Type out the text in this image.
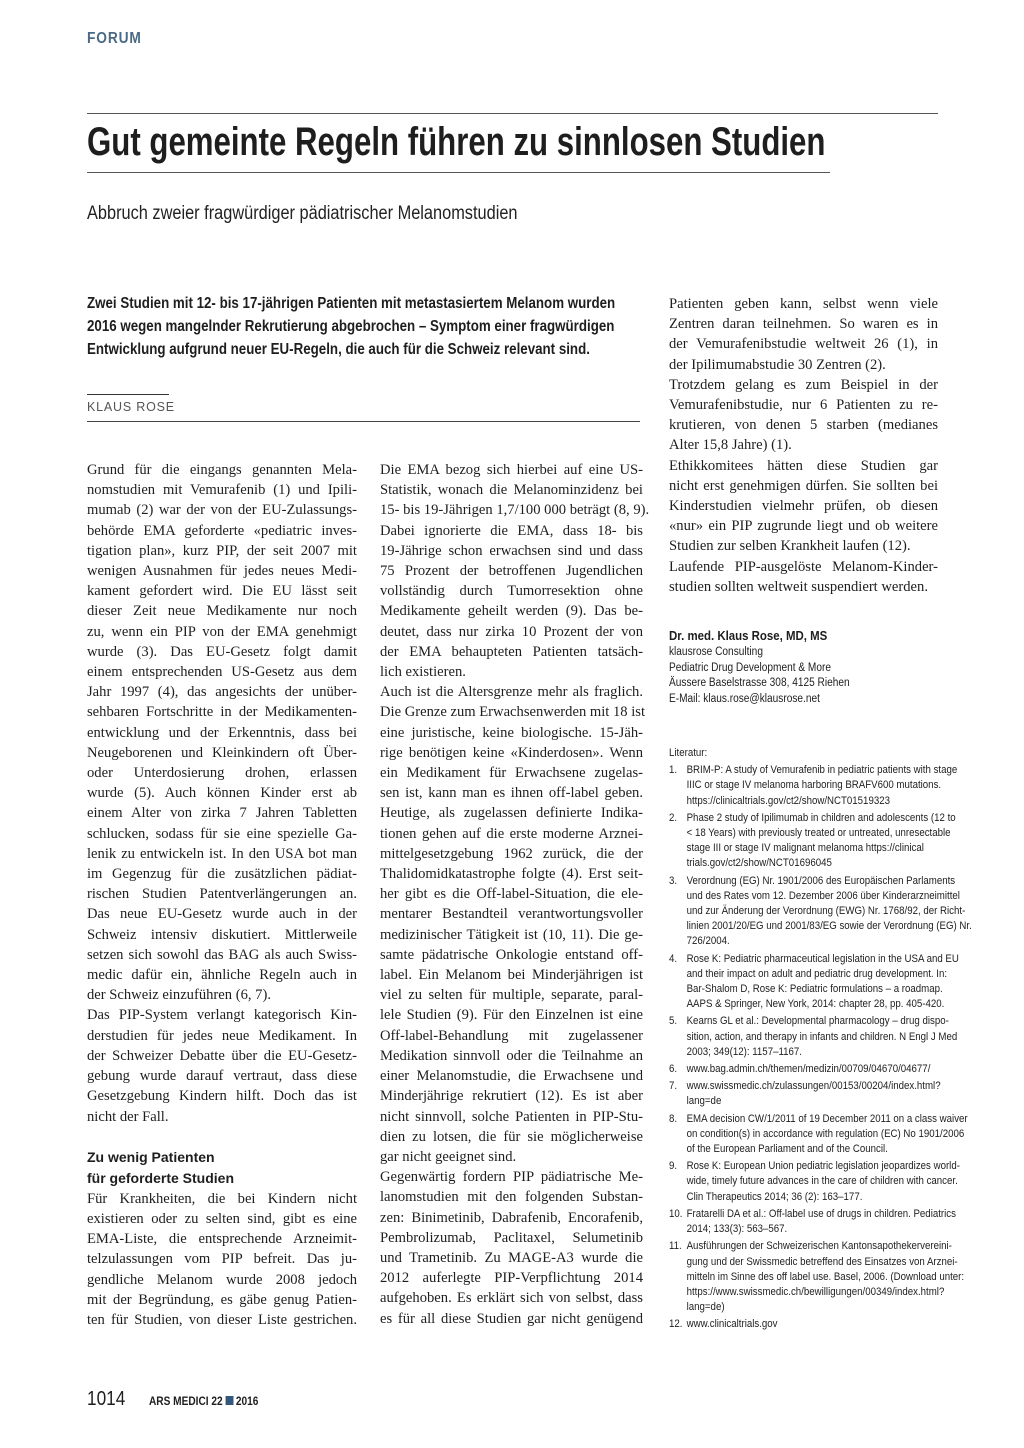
FORUM
Gut gemeinte Regeln führen zu sinnlosen Studien
Abbruch zweier fragwürdiger pädiatrischer Melanomstudien
Zwei Studien mit 12- bis 17-jährigen Patienten mit metastasiertem Melanom wurden
2016 wegen mangelnder Rekrutierung abgebrochen – Symptom einer fragwürdigen
Entwicklung aufgrund neuer EU-Regeln, die auch für die Schweiz relevant sind.
KLAUS ROSE
Grund für die eingangs genannten Mela-
nomstudien mit Vemurafenib (1) und Ipili-
mumab (2) war der von der EU-Zulassungs-
behörde EMA geforderte «pediatric inves-
tigation plan», kurz PIP, der seit 2007 mit
wenigen Ausnahmen für jedes neues Medi-
kament gefordert wird. Die EU lässt seit
dieser Zeit neue Medikamente nur noch
zu, wenn ein PIP von der EMA genehmigt
wurde (3). Das EU-Gesetz folgt damit
einem entsprechenden US-Gesetz aus dem
Jahr 1997 (4), das angesichts der unüber-
sehbaren Fortschritte in der Medikamenten-
entwicklung und der Erkenntnis, dass bei
Neugeborenen und Kleinkindern oft Über-
oder Unterdosierung drohen, erlassen
wurde (5). Auch können Kinder erst ab
einem Alter von zirka 7 Jahren Tabletten
schlucken, sodass für sie eine spezielle Ga-
lenik zu entwickeln ist. In den USA bot man
im Gegenzug für die zusätzlichen pädiat-
rischen Studien Patentverlängerungen an.
Das neue EU-Gesetz wurde auch in der
Schweiz intensiv diskutiert. Mittlerweile
setzen sich sowohl das BAG als auch Swiss-
medic dafür ein, ähnliche Regeln auch in
der Schweiz einzuführen (6, 7).
Das PIP-System verlangt kategorisch Kin-
derstudien für jedes neue Medikament. In
der Schweizer Debatte über die EU-Gesetz-
gebung wurde darauf vertraut, dass diese
Gesetzgebung Kindern hilft. Doch das ist
nicht der Fall.
Zu wenig Patienten
für geforderte Studien
Für Krankheiten, die bei Kindern nicht
existieren oder zu selten sind, gibt es eine
EMA-Liste, die entsprechende Arzneimit-
telzulassungen vom PIP befreit. Das ju-
gendliche Melanom wurde 2008 jedoch
mit der Begründung, es gäbe genug Patien-
ten für Studien, von dieser Liste gestrichen.
Die EMA bezog sich hierbei auf eine US-
Statistik, wonach die Melanominzidenz bei
15- bis 19-Jährigen 1,7/100 000 beträgt (8, 9).
Dabei ignorierte die EMA, dass 18- bis
19-Jährige schon erwachsen sind und dass
75 Prozent der betroffenen Jugendlichen
vollständig durch Tumorresektion ohne
Medikamente geheilt werden (9). Das be-
deutet, dass nur zirka 10 Prozent der von
der EMA behaupteten Patienten tatsäch-
lich existieren.
Auch ist die Altersgrenze mehr als fraglich.
Die Grenze zum Erwachsenwerden mit 18 ist
eine juristische, keine biologische. 15-Jäh-
rige benötigen keine «Kinderdosen». Wenn
ein Medikament für Erwachsene zugelas-
sen ist, kann man es ihnen off-label geben.
Heutige, als zugelassen definierte Indika-
tionen gehen auf die erste moderne Arznei-
mittelgesetzgebung 1962 zurück, die der
Thalidomidkatastrophe folgte (4). Erst seit-
her gibt es die Off-label-Situation, die ele-
mentarer Bestandteil verantwortungsvoller
medizinischer Tätigkeit ist (10, 11). Die ge-
samte pädatrische Onkologie entstand off-
label. Ein Melanom bei Minderjährigen ist
viel zu selten für multiple, separate, paral-
lele Studien (9). Für den Einzelnen ist eine
Off-label-Behandlung mit zugelassener
Medikation sinnvoll oder die Teilnahme an
einer Melanomstudie, die Erwachsene und
Minderjährige rekrutiert (12). Es ist aber
nicht sinnvoll, solche Patienten in PIP-Stu-
dien zu lotsen, die für sie möglicherweise
gar nicht geeignet sind.
Gegenwärtig fordern PIP pädiatrische Me-
lanomstudien mit den folgenden Substan-
zen: Binimetinib, Dabrafenib, Encorafenib,
Pembrolizumab, Paclitaxel, Selumetinib
und Trametinib. Zu MAGE-A3 wurde die
2012 auferlegte PIP-Verpflichtung 2014
aufgehoben. Es erklärt sich von selbst, dass
es für all diese Studien gar nicht genügend
Patienten geben kann, selbst wenn viele
Zentren daran teilnehmen. So waren es in
der Vemurafenibstudie weltweit 26 (1), in
der Ipilimumabstudie 30 Zentren (2).
Trotzdem gelang es zum Beispiel in der
Vemurafenibstudie, nur 6 Patienten zu re-
krutieren, von denen 5 starben (medianes
Alter 15,8 Jahre) (1).
Ethikkomitees hätten diese Studien gar
nicht erst genehmigen dürfen. Sie sollten bei
Kinderstudien vielmehr prüfen, ob diesen
«nur» ein PIP zugrunde liegt und ob weitere
Studien zur selben Krankheit laufen (12).
Laufende PIP-ausgelöste Melanom-Kinder-
studien sollten weltweit suspendiert werden.
Dr. med. Klaus Rose, MD, MS
klausrose Consulting
Pediatric Drug Development & More
Äussere Baselstrasse 308, 4125 Riehen
E-Mail: klaus.rose@klausrose.net
Literatur:
1. BRIM-P: A study of Vemurafenib in pediatric patients with stage
IIIC or stage IV melanoma harboring BRAFV600 mutations.
https://clinicaltrials.gov/ct2/show/NCT01519323
2. Phase 2 study of Ipilimumab in children and adolescents (12 to
< 18 Years) with previously treated or untreated, unresectable
stage III or stage IV malignant melanoma https://clinical
trials.gov/ct2/show/NCT01696045
3. Verordnung (EG) Nr. 1901/2006 des Europäischen Parlaments
und des Rates vom 12. Dezember 2006 über Kinderarzneimittel
und zur Änderung der Verordnung (EWG) Nr. 1768/92, der Richt-
linien 2001/20/EG und 2001/83/EG sowie der Verordnung (EG) Nr.
726/2004.
4. Rose K: Pediatric pharmaceutical legislation in the USA and EU
and their impact on adult and pediatric drug development. In:
Bar-Shalom D, Rose K: Pediatric formulations – a roadmap.
AAPS & Springer, New York, 2014: chapter 28, pp. 405-420.
5. Kearns GL et al.: Developmental pharmacology – drug dispo-
sition, action, and therapy in infants and children. N Engl J Med
2003; 349(12): 1157–1167.
6. www.bag.admin.ch/themen/medizin/00709/04670/04677/
7. www.swissmedic.ch/zulassungen/00153/00204/index.html?
lang=de
8. EMA decision CW/1/2011 of 19 December 2011 on a class waiver
on condition(s) in accordance with regulation (EC) No 1901/2006
of the European Parliament and of the Council.
9. Rose K: European Union pediatric legislation jeopardizes world-
wide, timely future advances in the care of children with cancer.
Clin Therapeutics 2014; 36 (2): 163–177.
10. Fratarelli DA et al.: Off-label use of drugs in children. Pediatrics
2014; 133(3): 563–567.
11. Ausführungen der Schweizerischen Kantonsapothekervereini-
gung und der Swissmedic betreffend des Einsatzes von Arznei-
mitteln im Sinne des off label use. Basel, 2006. (Download unter:
https://www.swissmedic.ch/bewilligungen/00349/index.html?
lang=de)
12. www.clinicaltrials.gov
1014 ARS MEDICI 22 2016
